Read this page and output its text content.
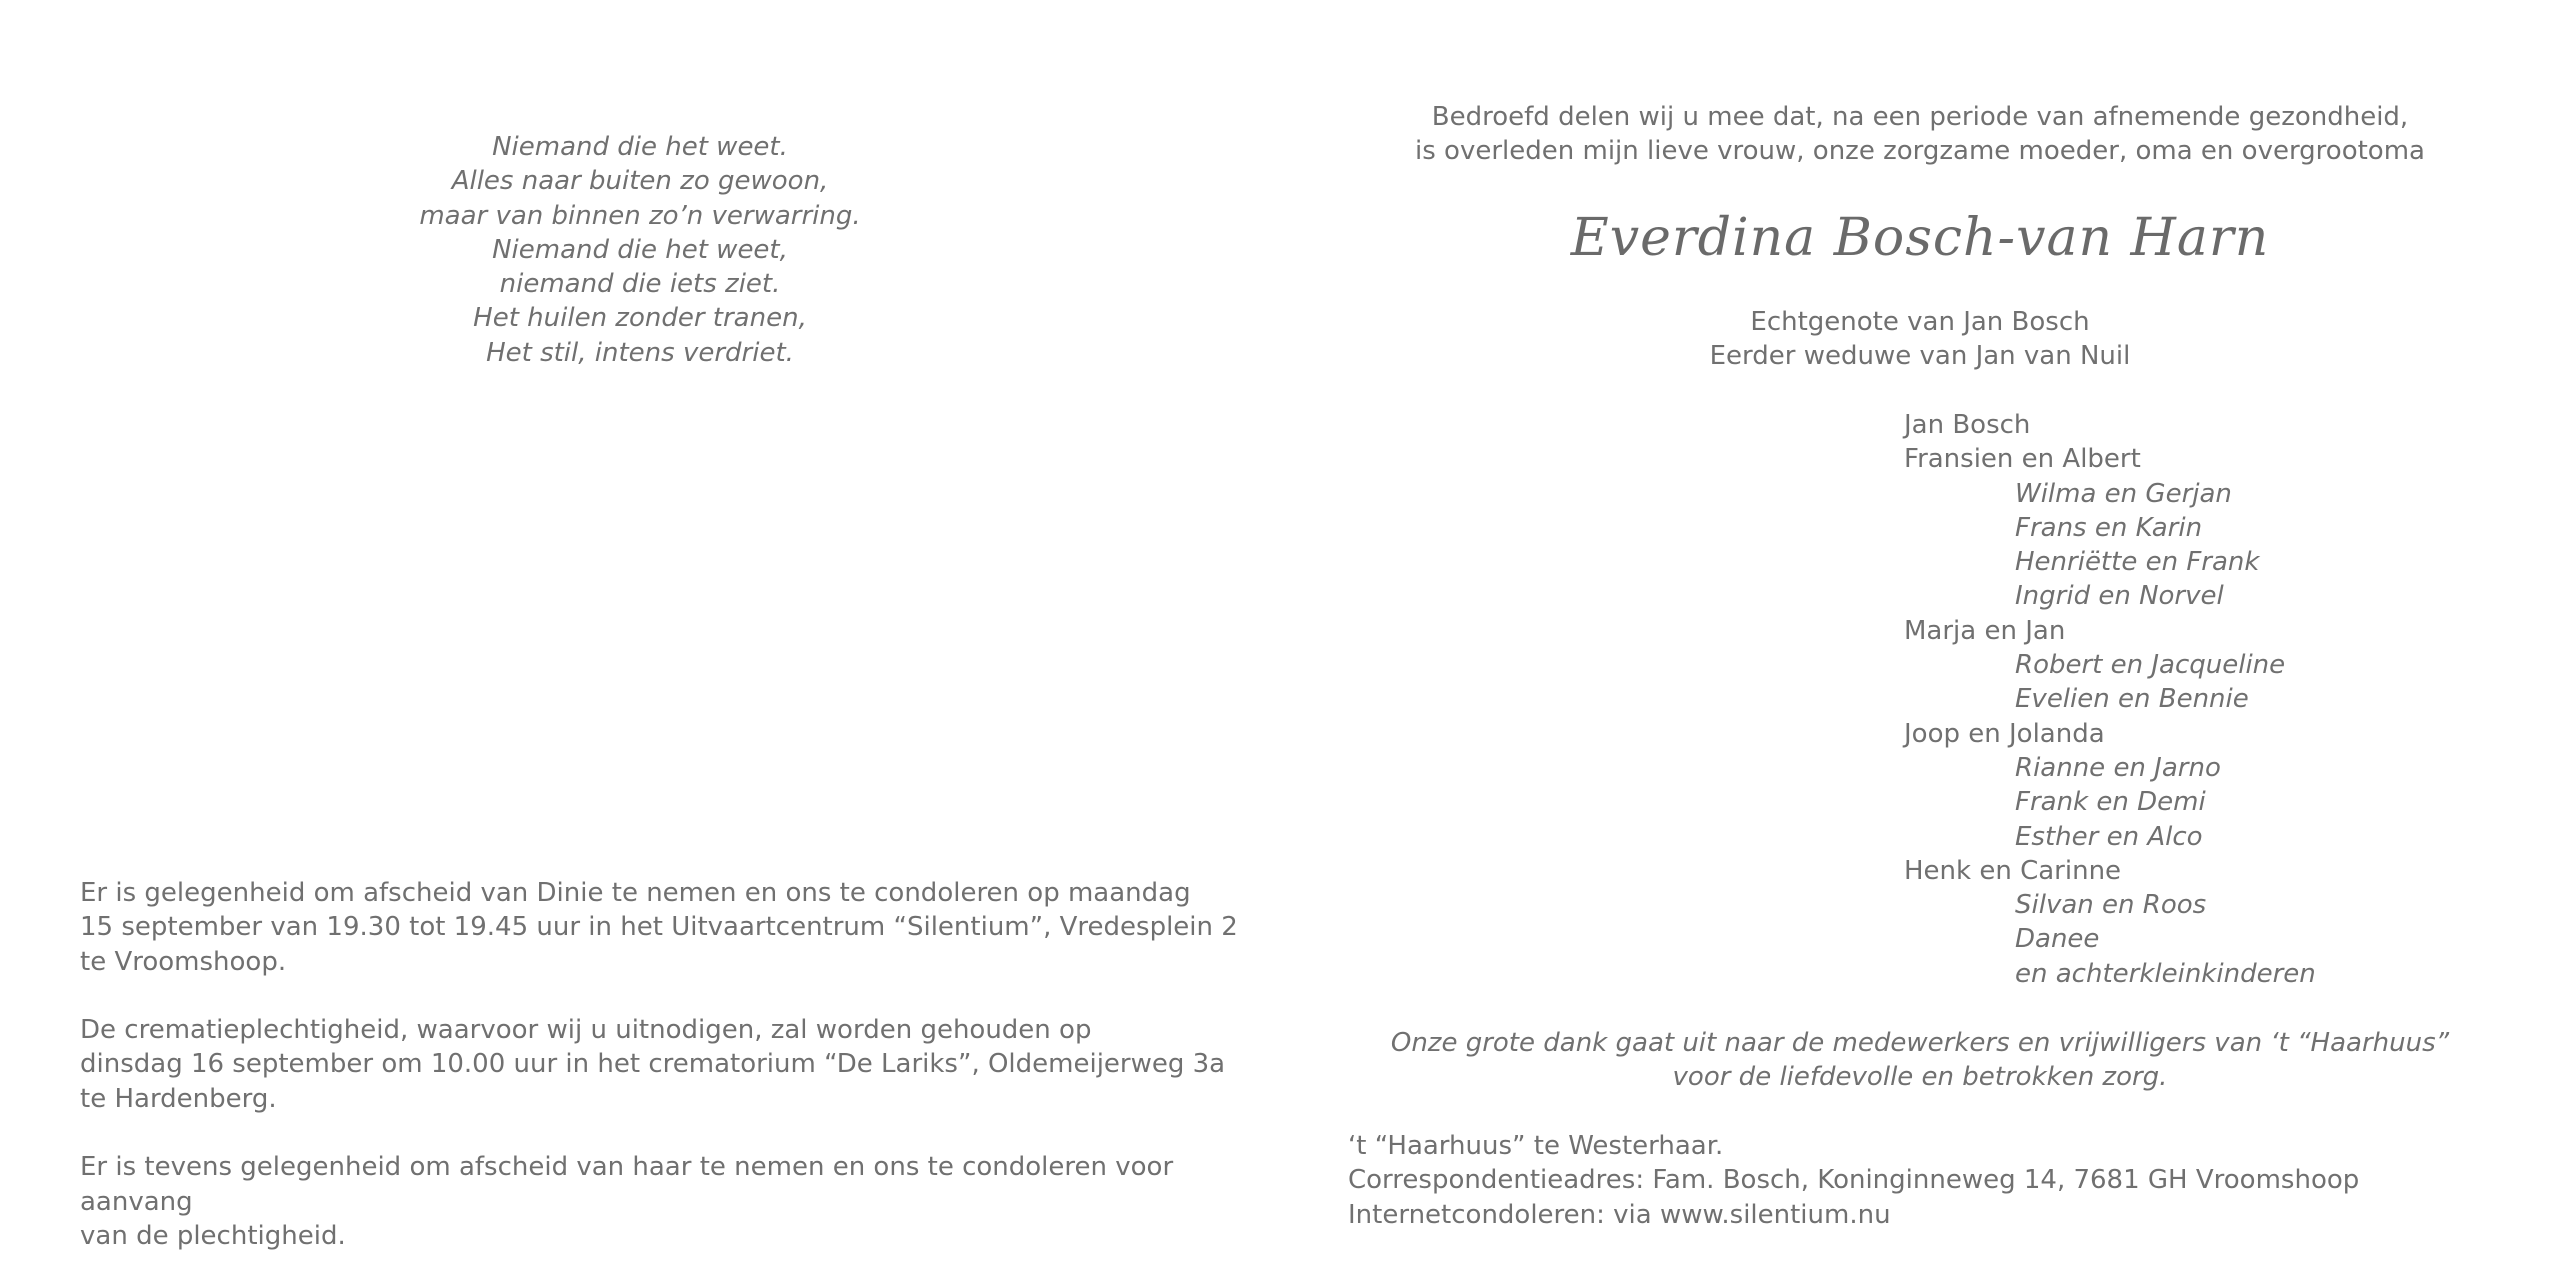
Niemand die het weet.
Alles naar buiten zo gewoon,
maar van binnen zo’n verwarring.
Niemand die het weet,
niemand die iets ziet.
Het huilen zonder tranen,
Het stil, intens verdriet.

Er is gelegenheid om afscheid van Dinie te nemen en ons te condoleren op maandag
15 september van 19.30 tot 19.45 uur in het Uitvaartcentrum “Silentium”, Vredesplein 2
te Vroomshoop.

De crematieplechtigheid, waarvoor wij u uitnodigen, zal worden gehouden op
dinsdag 16 september om 10.00 uur in het crematorium “De Lariks”, Oldemeijerweg 3a
te Hardenberg.

Er is tevens gelegenheid om afscheid van haar te nemen en ons te condoleren voor aanvang
van de plechtigheid.

Bedroefd delen wij u mee dat, na een periode van afnemende gezondheid,
is overleden mijn lieve vrouw, onze zorgzame moeder, oma en overgrootoma
Everdina Bosch-van Harn
Echtgenote van Jan Bosch
Eerder weduwe van Jan van Nuil
Jan Bosch
Fransien en Albert
Wilma en Gerjan
Frans en Karin
Henriëtte en Frank
Ingrid en Norvel
Marja en Jan
Robert en Jacqueline
Evelien en Bennie
Joop en Jolanda
Rianne en Jarno
Frank en Demi
Esther en Alco
Henk en Carinne
Silvan en Roos
Danee
en achterkleinkinderen
Onze grote dank gaat uit naar de medewerkers en vrijwilligers van ‘t “Haarhuus”
voor de liefdevolle en betrokken zorg.
‘t “Haarhuus” te Westerhaar.
Correspondentieadres: Fam. Bosch, Koninginneweg 14, 7681 GH Vroomshoop
Internetcondoleren: via www.silentium.nu
